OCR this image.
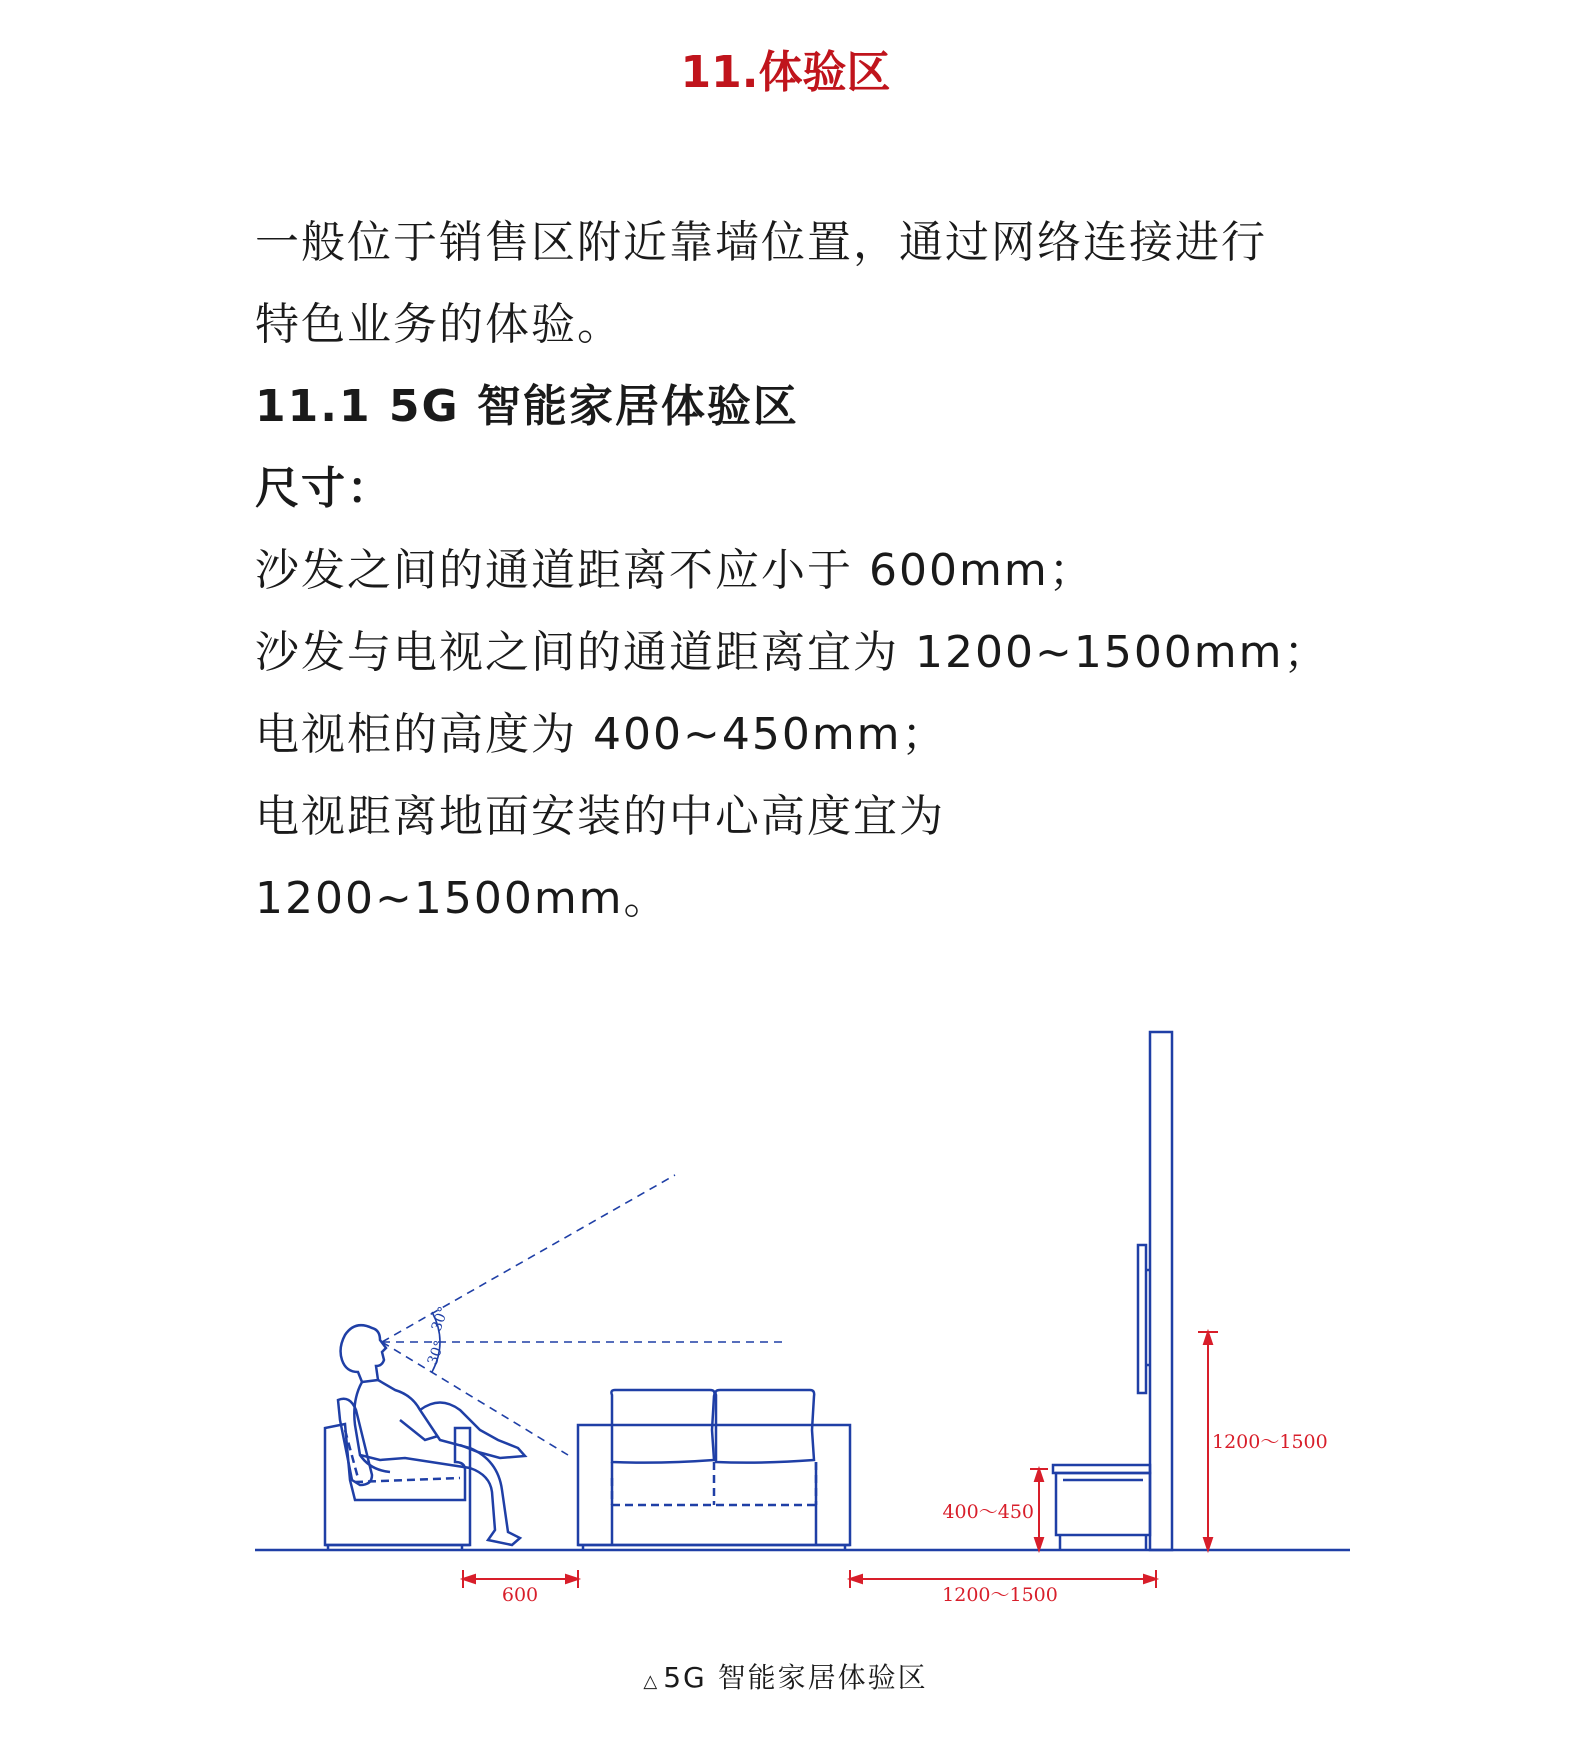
11.体验区
一般位于销售区附近靠墙位置，通过网络连接进行
特色业务的体验。
11.1 5G 智能家居体验区
尺寸：
沙发之间的通道距离不应小于 600mm；
沙发与电视之间的通道距离宜为 1200~1500mm；
电视柜的高度为 400~450mm；
电视距离地面安装的中心高度宜为
1200~1500mm。
30°
30°
600	1200～1500
400～450
1200～1500
△ 5G 智能家居体验区
